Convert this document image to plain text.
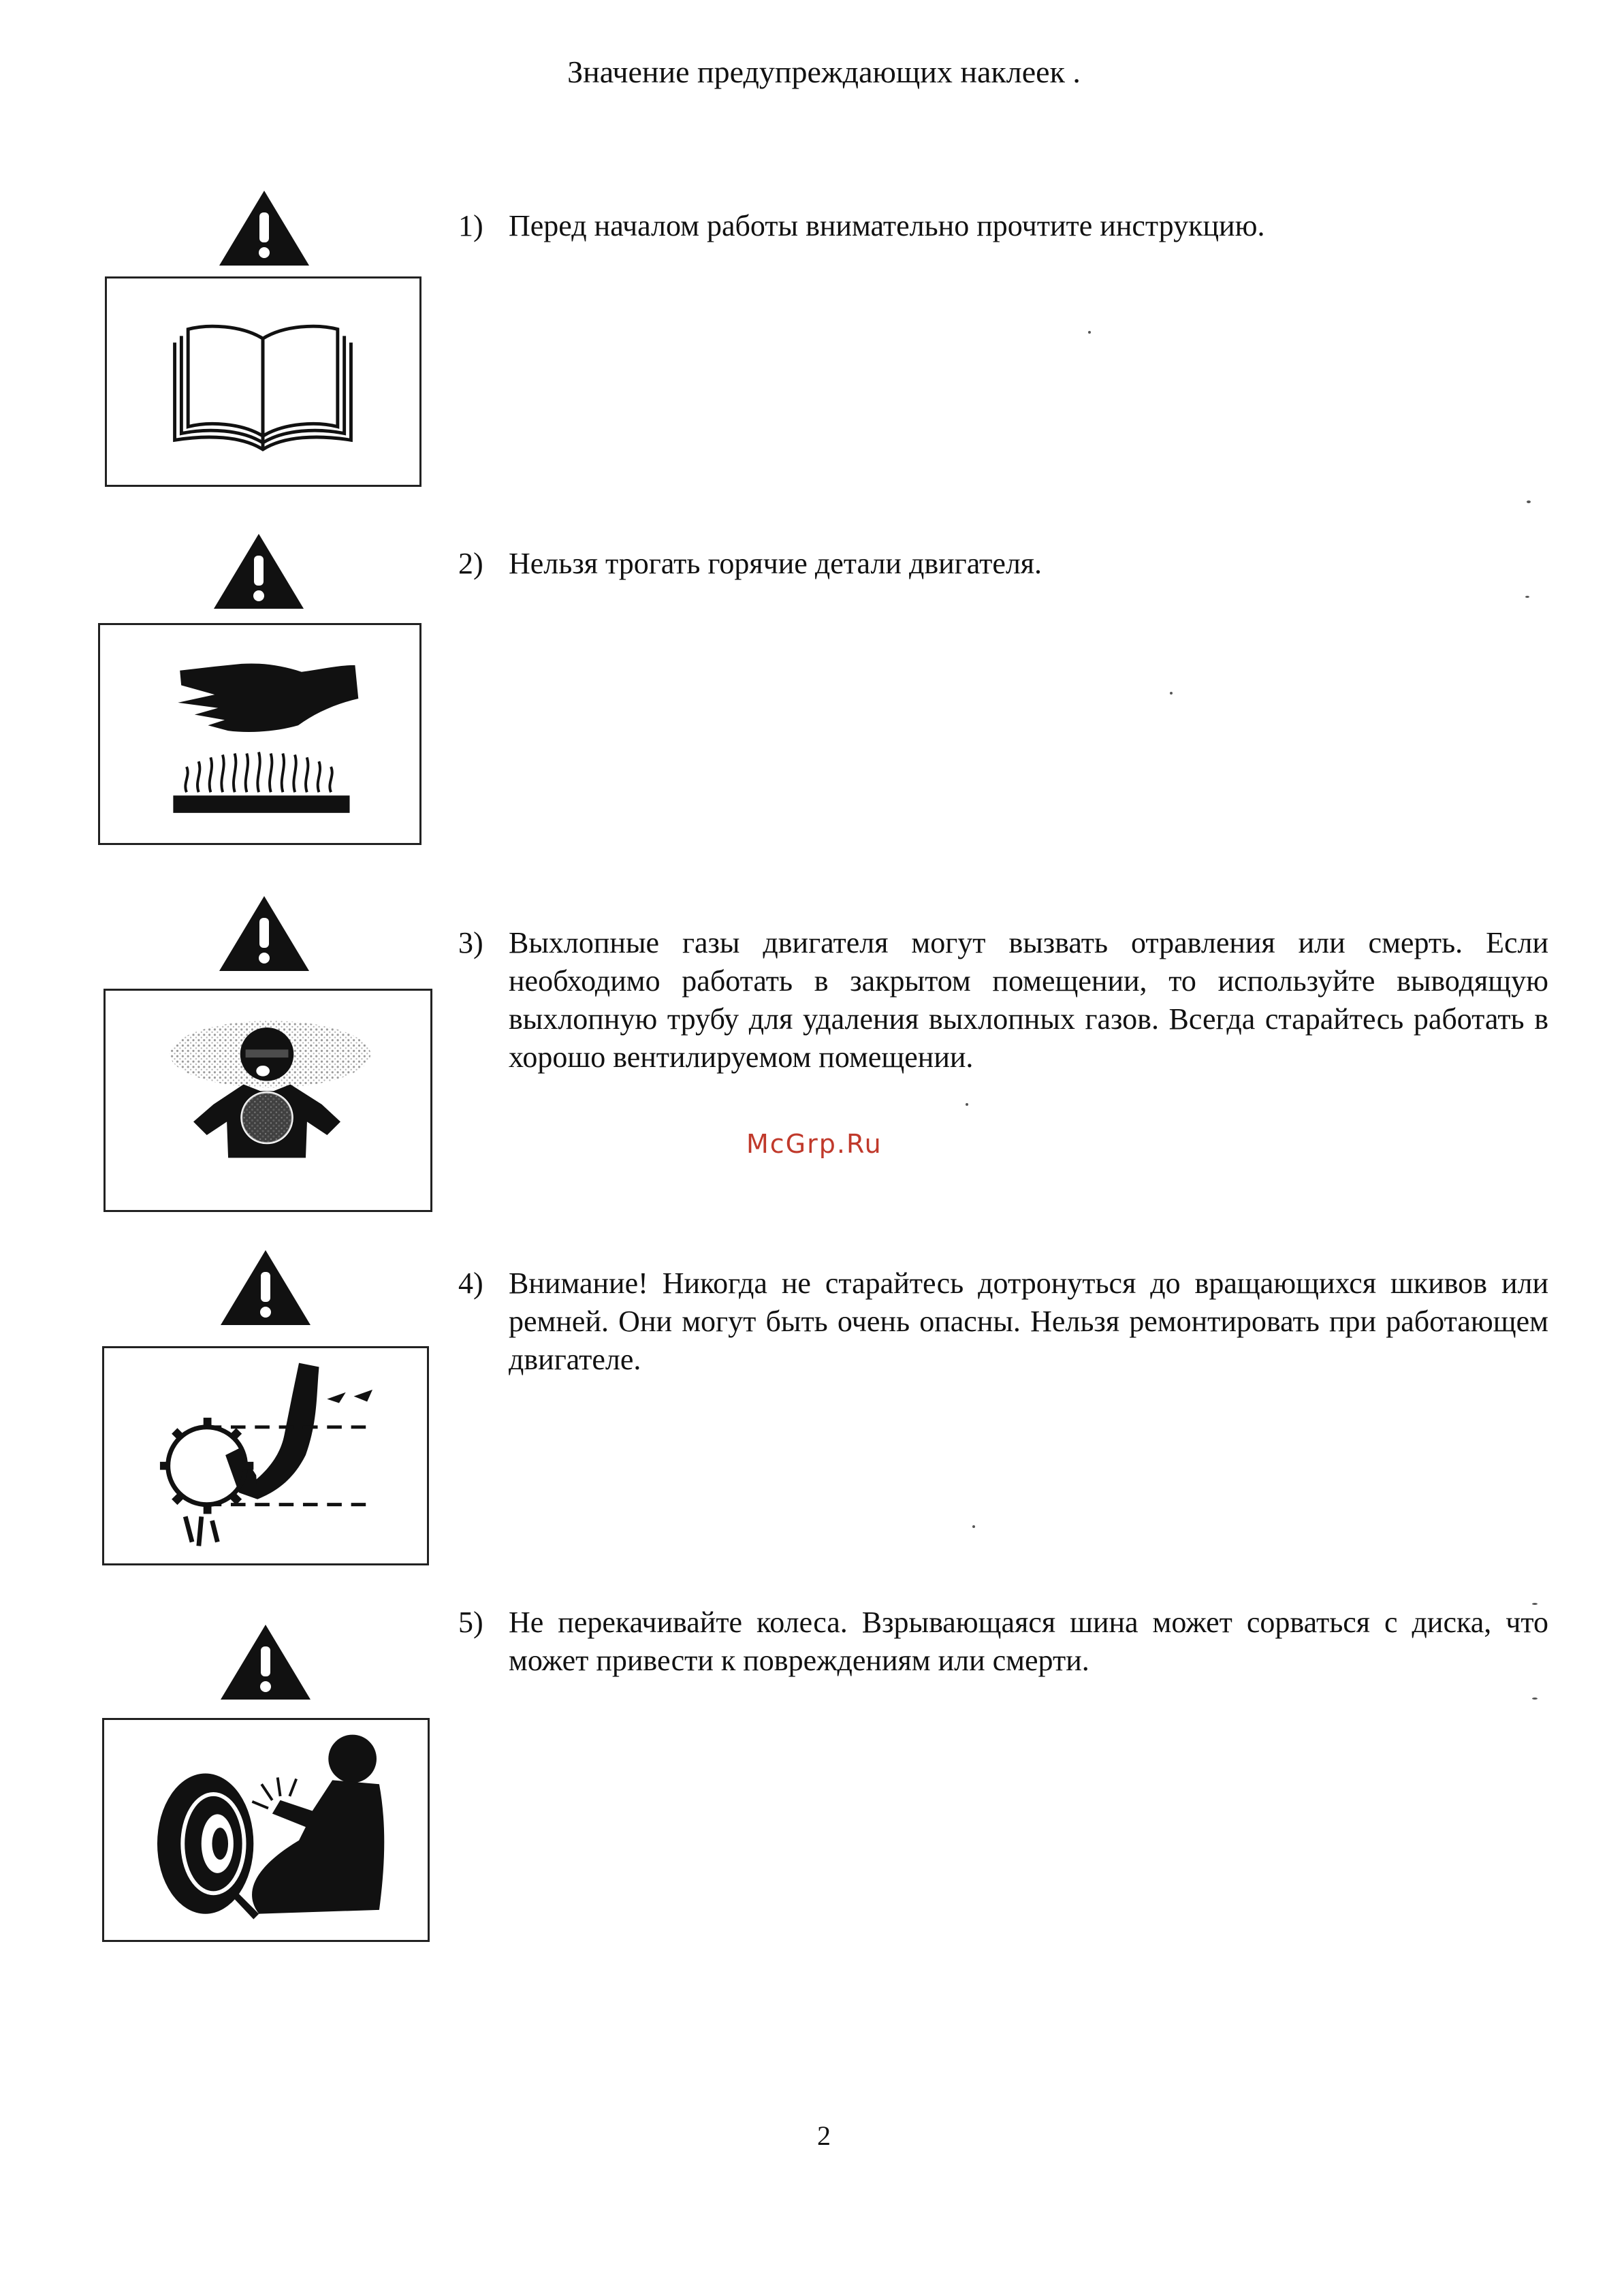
Значение предупреждающих наклеек .
1) Перед началом работы внимательно прочтите инструкцию.
2) Нельзя трогать горячие детали двигателя.
3) Выхлопные газы двигателя могут вызвать отравления или смерть. Если необходимо работать в закрытом помещении, то используйте выводящую выхлопную трубу для удаления выхлопных газов. Всегда старайтесь работать в хорошо вентилируемом помещении.
McGrp.Ru
4) Внимание! Никогда не старайтесь дотронуться до вращающихся шкивов или ремней. Они могут быть очень опасны. Нельзя ремонтировать при работающем двигателе.
5) Не перекачивайте колеса. Взрывающаяся шина может сорваться с диска, что может привести к повреждениям или смерти.
2
